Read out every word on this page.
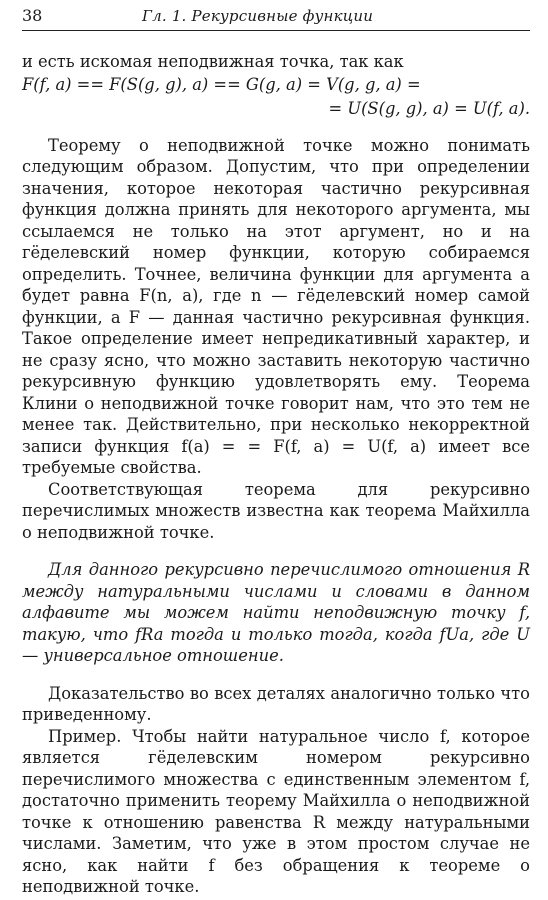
38	Гл. 1. Рекурсивные функции

и есть искомая неподвижная точка, так как

F(f, a) == F(S(g, g), a) == G(g, a) = V(g, g, a) =

= U(S(g, g), a) = U(f, a).

Теорему о неподвижной точке можно понимать следующим образом. Допустим, что при определении значения, которое некоторая частично рекурсивная функция должна принять для некоторого аргумента, мы ссылаемся не только на этот аргумент, но и на гёделевский номер функции, которую собираемся определить. Точнее, величина функции для аргумента a будет равна F(n, a), где n — гёделевский номер самой функции, а F — данная частично рекурсивная функция. Такое определение имеет непредикативный характер, и не сразу ясно, что можно заставить некоторую частично рекурсивную функцию удовлетворять ему. Теорема Клини о неподвижной точке говорит нам, что это тем не менее так. Действительно, при несколько некорректной записи функция f(a) = = F(f, a) = U(f, a) имеет все требуемые свойства.

Соответствующая теорема для рекурсивно перечислимых множеств известна как теорема Майхилла о неподвижной точке.

Для данного рекурсивно перечислимого отношения R между натуральными числами и словами в данном алфавите мы можем найти неподвижную точку f, такую, что fRa тогда и только тогда, когда fUa, где U — универсальное отношение.

Доказательство во всех деталях аналогично только что приведенному.

Пример. Чтобы найти натуральное число f, которое является гёделевским номером рекурсивно перечислимого множества с единственным элементом f, достаточно применить теорему Майхилла о неподвижной точке к отношению равенства R между натуральными числами. Заметим, что уже в этом простом случае не ясно, как найти f без обращения к теореме о неподвижной точке.
